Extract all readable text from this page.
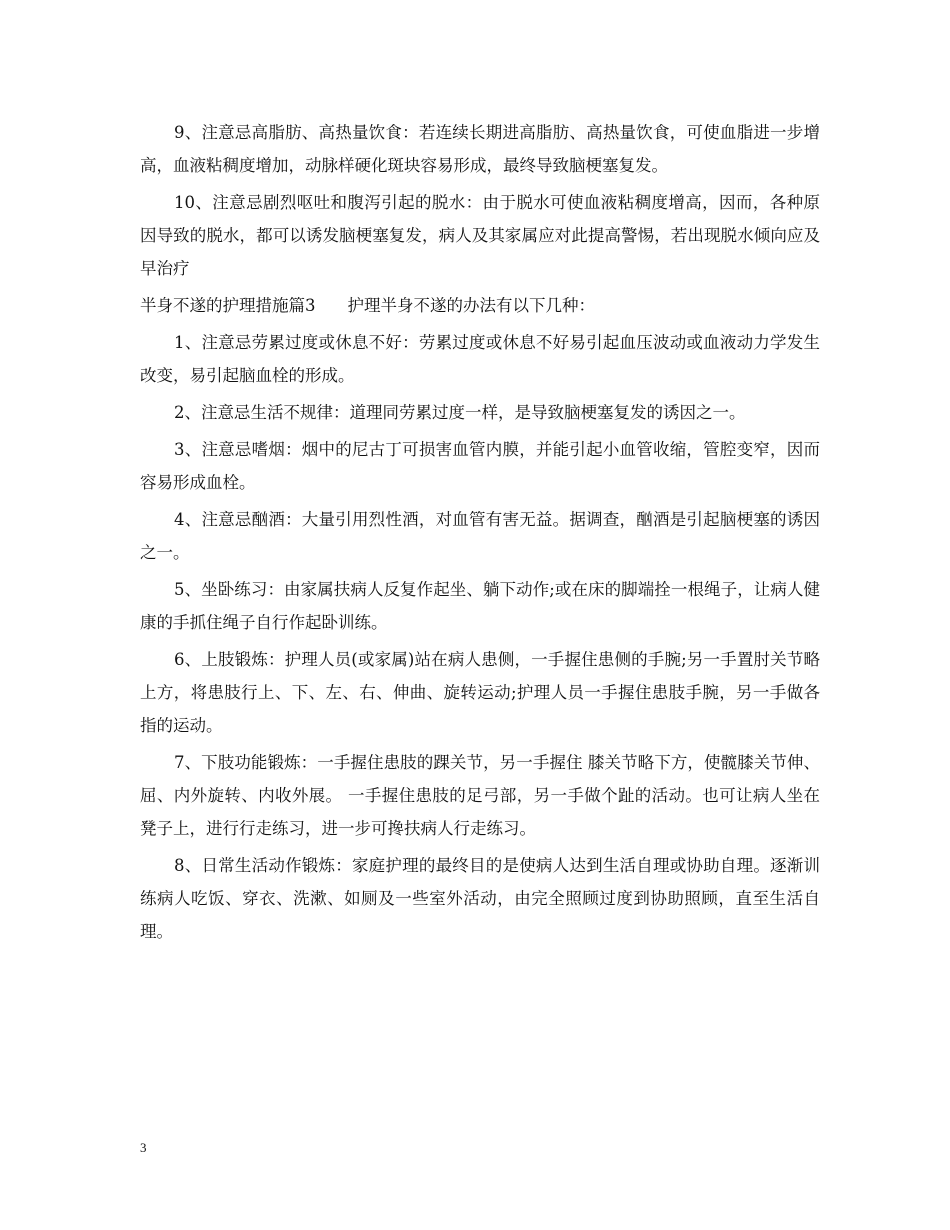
9、注意忌高脂肪、高热量饮食：若连续长期进高脂肪、高热量饮食，可使血脂进一步增高，血液粘稠度增加，动脉样硬化斑块容易形成，最终导致脑梗塞复发。

10、注意忌剧烈呕吐和腹泻引起的脱水：由于脱水可使血液粘稠度增高，因而，各种原因导致的脱水，都可以诱发脑梗塞复发，病人及其家属应对此提高警惕，若出现脱水倾向应及早治疗

半身不遂的护理措施篇3 护理半身不遂的办法有以下几种：

1、注意忌劳累过度或休息不好：劳累过度或休息不好易引起血压波动或血液动力学发生改变，易引起脑血栓的形成。

2、注意忌生活不规律：道理同劳累过度一样，是导致脑梗塞复发的诱因之一。

3、注意忌嗜烟：烟中的尼古丁可损害血管内膜，并能引起小血管收缩，管腔变窄，因而容易形成血栓。

4、注意忌酗酒：大量引用烈性酒，对血管有害无益。据调查，酗酒是引起脑梗塞的诱因之一。

5、坐卧练习：由家属扶病人反复作起坐、躺下动作;或在床的脚端拴一根绳子，让病人健康的手抓住绳子自行作起卧训练。

6、上肢锻炼：护理人员(或家属)站在病人患侧，一手握住患侧的手腕;另一手置肘关节略上方，将患肢行上、下、左、右、伸曲、旋转运动;护理人员一手握住患肢手腕，另一手做各指的运动。

7、下肢功能锻炼：一手握住患肢的踝关节，另一手握住 膝关节略下方，使髋膝关节伸、屈、内外旋转、内收外展。 一手握住患肢的足弓部，另一手做个趾的活动。也可让病人坐在凳子上，进行行走练习，进一步可搀扶病人行走练习。

8、日常生活动作锻炼：家庭护理的最终目的是使病人达到生活自理或协助自理。逐渐训练病人吃饭、穿衣、洗漱、如厕及一些室外活动，由完全照顾过度到协助照顾，直至生活自理。

3
